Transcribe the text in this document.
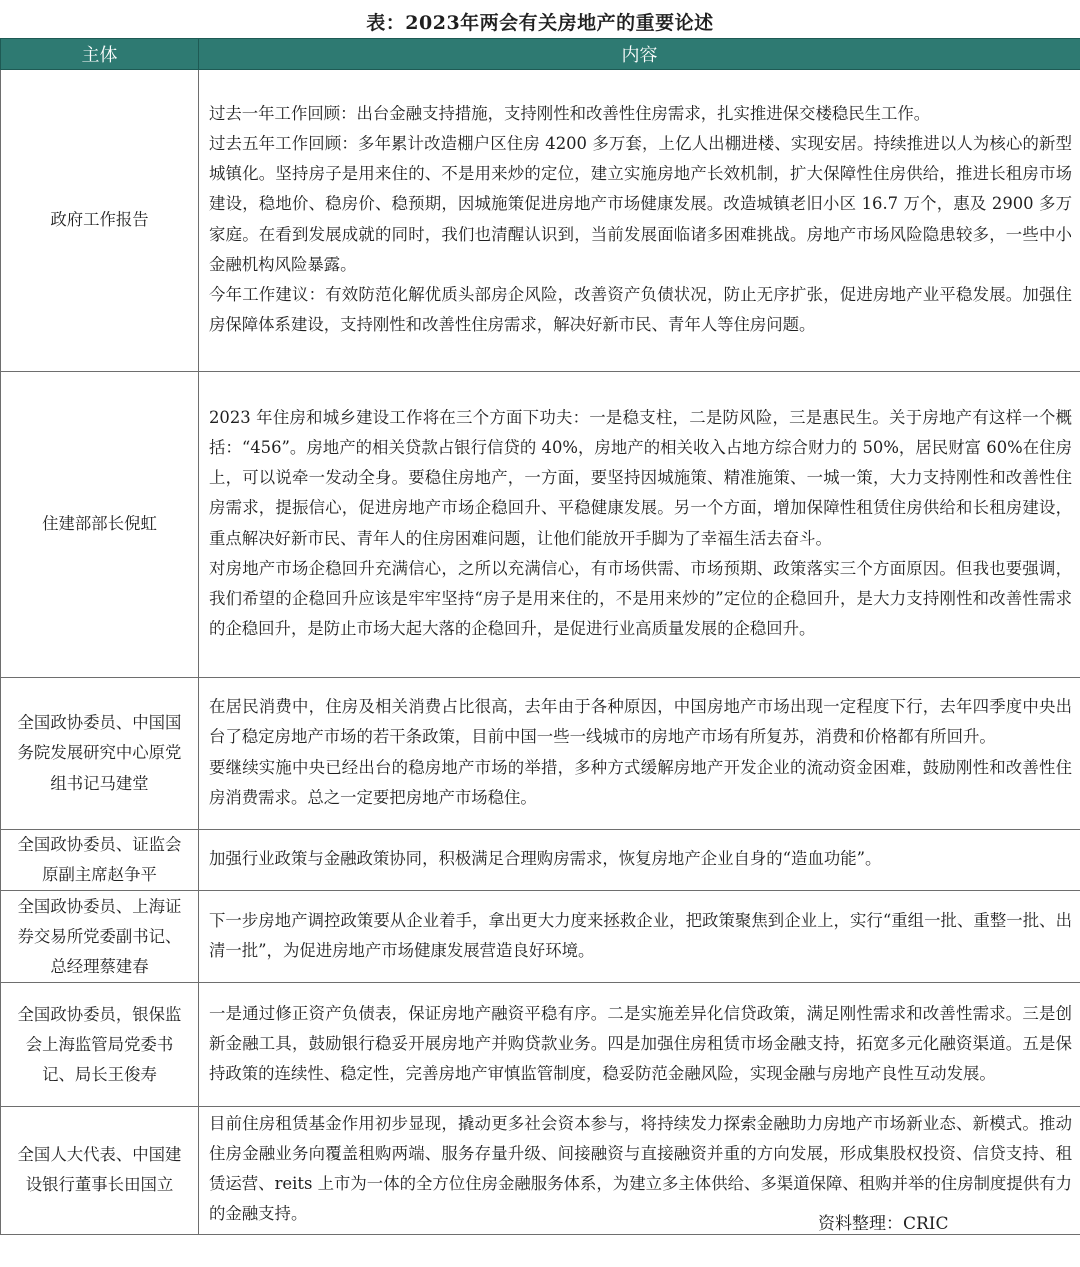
表：2023年两会有关房地产的重要论述
主体	内容
政府工作报告	过去一年工作回顾：出台金融支持措施，支持刚性和改善性住房需求，扎实推进保交楼稳民生工作。

过去五年工作回顾：多年累计改造棚户区住房 4200 多万套，上亿人出棚进楼、实现安居。持续推进以人为核心的新型城镇化。坚持房子是用来住的、不是用来炒的定位，建立实施房地产长效机制，扩大保障性住房供给，推进长租房市场建设，稳地价、稳房价、稳预期，因城施策促进房地产市场健康发展。改造城镇老旧小区 16.7 万个，惠及 2900 多万家庭。在看到发展成就的同时，我们也清醒认识到，当前发展面临诸多困难挑战。房地产市场风险隐患较多，一些中小金融机构风险暴露。

今年工作建议：有效防范化解优质头部房企风险，改善资产负债状况，防止无序扩张，促进房地产业平稳发展。加强住房保障体系建设，支持刚性和改善性住房需求，解决好新市民、青年人等住房问题。

住建部部长倪虹	2023 年住房和城乡建设工作将在三个方面下功夫：一是稳支柱，二是防风险，三是惠民生。关于房地产有这样一个概括：“456”。房地产的相关贷款占银行信贷的 40%，房地产的相关收入占地方综合财力的 50%，居民财富 60%在住房上，可以说牵一发动全身。要稳住房地产，一方面，要坚持因城施策、精准施策、一城一策，大力支持刚性和改善性住房需求，提振信心，促进房地产市场企稳回升、平稳健康发展。另一个方面，增加保障性租赁住房供给和长租房建设，重点解决好新市民、青年人的住房困难问题，让他们能放开手脚为了幸福生活去奋斗。

对房地产市场企稳回升充满信心，之所以充满信心，有市场供需、市场预期、政策落实三个方面原因。但我也要强调，我们希望的企稳回升应该是牢牢坚持“房子是用来住的，不是用来炒的”定位的企稳回升，是大力支持刚性和改善性需求的企稳回升，是防止市场大起大落的企稳回升，是促进行业高质量发展的企稳回升。

全国政协委员、中国国务院发展研究中心原党组书记马建堂	在居民消费中，住房及相关消费占比很高，去年由于各种原因，中国房地产市场出现一定程度下行，去年四季度中央出台了稳定房地产市场的若干条政策，目前中国一些一线城市的房地产市场有所复苏，消费和价格都有所回升。

要继续实施中央已经出台的稳房地产市场的举措，多种方式缓解房地产开发企业的流动资金困难，鼓励刚性和改善性住房消费需求。总之一定要把房地产市场稳住。

全国政协委员、证监会原副主席赵争平	加强行业政策与金融政策协同，积极满足合理购房需求，恢复房地产企业自身的“造血功能”。

全国政协委员、上海证券交易所党委副书记、总经理蔡建春	下一步房地产调控政策要从企业着手，拿出更大力度来拯救企业，把政策聚焦到企业上，实行“重组一批、重整一批、出清一批”，为促进房地产市场健康发展营造良好环境。

全国政协委员，银保监会上海监管局党委书记、局长王俊寿	一是通过修正资产负债表，保证房地产融资平稳有序。二是实施差异化信贷政策，满足刚性需求和改善性需求。三是创新金融工具，鼓励银行稳妥开展房地产并购贷款业务。四是加强住房租赁市场金融支持，拓宽多元化融资渠道。五是保持政策的连续性、稳定性，完善房地产审慎监管制度，稳妥防范金融风险，实现金融与房地产良性互动发展。

全国人大代表、中国建设银行董事长田国立	目前住房租赁基金作用初步显现，撬动更多社会资本参与，将持续发力探索金融助力房地产市场新业态、新模式。推动住房金融业务向覆盖租购两端、服务存量升级、间接融资与直接融资并重的方向发展，形成集股权投资、信贷支持、租赁运营、reits 上市为一体的全方位住房金融服务体系，为建立多主体供给、多渠道保障、租购并举的住房制度提供有力的金融支持。

资料整理：CRIC
